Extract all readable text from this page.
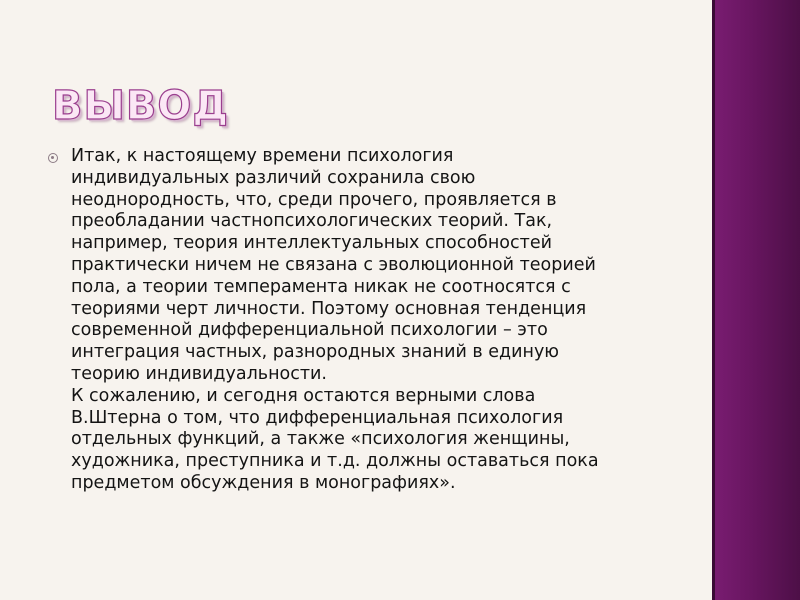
ВЫВОД
Итак, к настоящему времени психология
индивидуальных различий сохранила свою
неоднородность, что, среди прочего, проявляется в
преобладании частнопсихологических теорий. Так,
например, теория интеллектуальных способностей
практически ничем не связана с эволюционной теорией
пола, а теории темперамента никак не соотносятся с
теориями черт личности. Поэтому основная тенденция
современной дифференциальной психологии – это
интеграция частных, разнородных знаний в единую
теорию индивидуальности.
К сожалению, и сегодня остаются верными слова
В.Штерна о том, что дифференциальная психология
отдельных функций, а также «психология женщины,
художника, преступника и т.д. должны оставаться пока
предметом обсуждения в монографиях».
